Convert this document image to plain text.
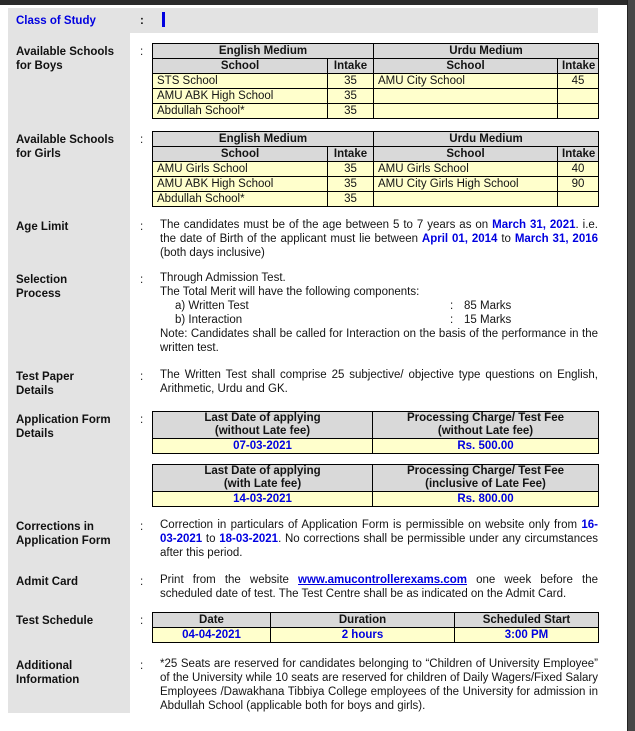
Class of Study	:
Available Schools
for Boys
:	English Medium		Urdu Medium	
School	Intake	School	Intake
STS School	35	AMU City School	45
AMU ABK High School	35		
Abdullah School*	35		
Available Schools
for Girls
:	English Medium		Urdu Medium	
School	Intake	School	Intake
AMU Girls School	35	AMU Girls School	40
AMU ABK High School	35	AMU City Girls High School	90
Abdullah School*	35		
Age Limit	:	The candidates must be of the age between 5 to 7 years as on March 31, 2021. i.e. the date of Birth of the applicant must lie between April 01, 2014 to March 31, 2016 (both days inclusive)

Selection
Process
:	Through Admission Test.

The Total Merit will have the following components:

a) Written Test	: 85 Marks
b) Interaction	: 15 Marks

Note: Candidates shall be called for Interaction on the basis of the performance in the written test.

Test Paper
Details
:	The Written Test shall comprise 25 subjective/ objective type questions on English, Arithmetic, Urdu and GK.

Application Form
Details
:	Last Date of applying
(without Late fee)

Processing Charge/ Test Fee
(without Late fee)

07-03-2021	Rs. 500.00
Last Date of applying
(with Late fee)

Processing Charge/ Test Fee
(inclusive of Late Fee)

14-03-2021	Rs. 800.00
Corrections in
Application Form
:	Correction in particulars of Application Form is permissible on website only from 16-03-2021 to 18-03-2021. No corrections shall be permissible under any circumstances after this period.

Admit Card	:	Print from the website www.amucontrollerexams.com one week before the scheduled date of test. The Test Centre shall be as indicated on the Admit Card.

Test Schedule	:	Date	Duration	Scheduled Start
04-04-2021	2 hours	3:00 PM
Additional
Information
:	*25 Seats are reserved for candidates belonging to “Children of University Employee” of the University while 10 seats are reserved for children of Daily Wagers/Fixed Salary Employees /Dawakhana Tibbiya College employees of the University for admission in Abdullah School (applicable both for boys and girls).
